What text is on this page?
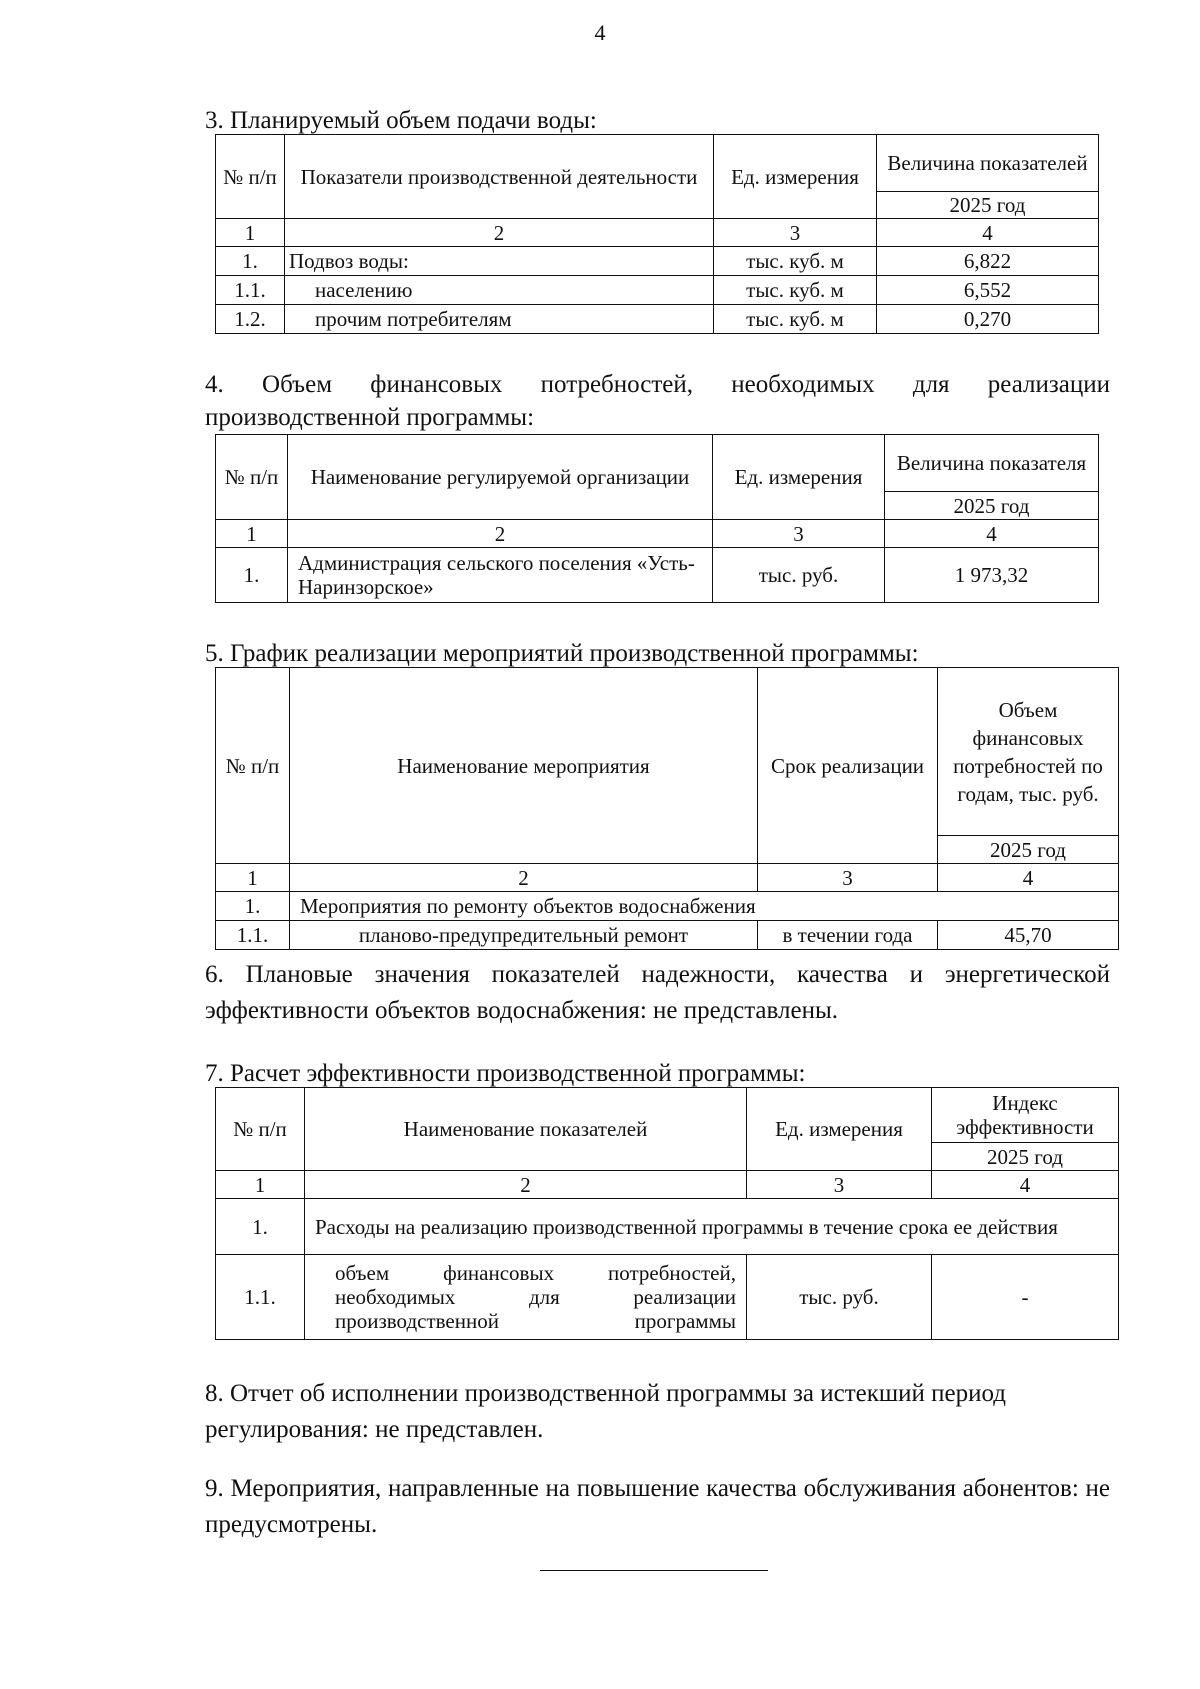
4
3. Планируемый объем подачи воды:
№ п/п	Показатели производственной деятельности	Ед. измерения	Величина показателей
			2025 год
1	2	3	4
1.	Подвоз воды:	тыс. куб. м	6,822
1.1.	населению	тыс. куб. м	6,552
1.2.	прочим потребителям	тыс. куб. м	0,270
4. Объем финансовых потребностей, необходимых для реализации производственной программы:
№ п/п	Наименование регулируемой организации	Ед. измерения	Величина показателя
			2025 год
1	2	3	4
1.	Администрация сельского поселения «Усть-Наринзорское»	тыс. руб.	1 973,32
5. График реализации мероприятий производственной программы:
№ п/п	Наименование мероприятия	Срок реализации	Объем финансовых потребностей по годам, тыс. руб.
			2025 год
1	2	3	4
1.	Мероприятия по ремонту объектов водоснабжения		
1.1.	планово-предупредительный ремонт	в течении года	45,70
6. Плановые значения показателей надежности, качества и энергетической эффективности объектов водоснабжения: не представлены.
7. Расчет эффективности производственной программы:
№ п/п	Наименование показателей	Ед. измерения	Индекс эффективности
			2025 год
1	2	3	4
1.	Расходы на реализацию производственной программы в течение срока ее действия		
1.1.	объем финансовых потребностей, необходимых для реализации производственной программы	тыс. руб.	-
8. Отчет об исполнении производственной программы за истекший период регулирования: не представлен.
9. Мероприятия, направленные на повышение качества обслуживания абонентов: не предусмотрены.
